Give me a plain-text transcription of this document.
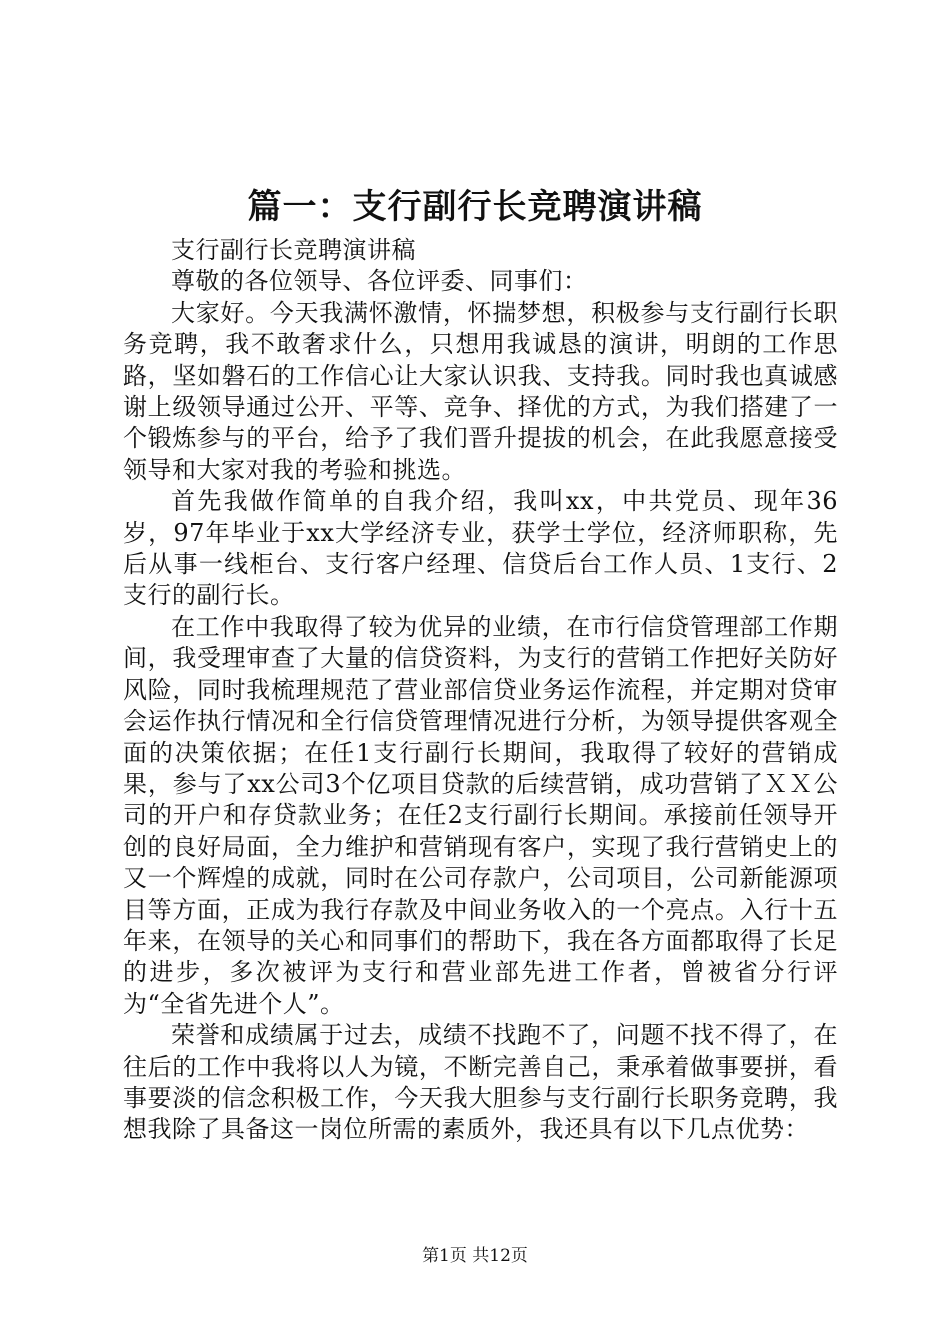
篇一：支行副行长竞聘演讲稿

支行副行长竞聘演讲稿

尊敬的各位领导、各位评委、同事们：

大家好。今天我满怀激情，怀揣梦想，积极参与支行副行长职务竞聘，我不敢奢求什么，只想用我诚恳的演讲，明朗的工作思路，坚如磐石的工作信心让大家认识我、支持我。同时我也真诚感谢上级领导通过公开、平等、竞争、择优的方式，为我们搭建了一个锻炼参与的平台，给予了我们晋升提拔的机会，在此我愿意接受领导和大家对我的考验和挑选。

首先我做作简单的自我介绍，我叫xx，中共党员、现年36岁，97年毕业于xx大学经济专业，获学士学位，经济师职称，先后从事一线柜台、支行客户经理、信贷后台工作人员、1支行、2支行的副行长。

在工作中我取得了较为优异的业绩，在市行信贷管理部工作期间，我受理审查了大量的信贷资料，为支行的营销工作把好关防好风险，同时我梳理规范了营业部信贷业务运作流程，并定期对贷审会运作执行情况和全行信贷管理情况进行分析，为领导提供客观全面的决策依据；在任1支行副行长期间，我取得了较好的营销成果，参与了xx公司3个亿项目贷款的后续营销，成功营销了ＸＸ公司的开户和存贷款业务；在任2支行副行长期间。承接前任领导开创的良好局面，全力维护和营销现有客户，实现了我行营销史上的又一个辉煌的成就，同时在公司存款户，公司项目，公司新能源项目等方面，正成为我行存款及中间业务收入的一个亮点。入行十五年来，在领导的关心和同事们的帮助下，我在各方面都取得了长足的进步，多次被评为支行和营业部先进工作者，曾被省分行评为“全省先进个人”。

荣誉和成绩属于过去，成绩不找跑不了，问题不找不得了，在往后的工作中我将以人为镜，不断完善自己，秉承着做事要拼，看事要淡的信念积极工作，今天我大胆参与支行副行长职务竞聘，我想我除了具备这一岗位所需的素质外，我还具有以下几点优势：

第1页 共12页
